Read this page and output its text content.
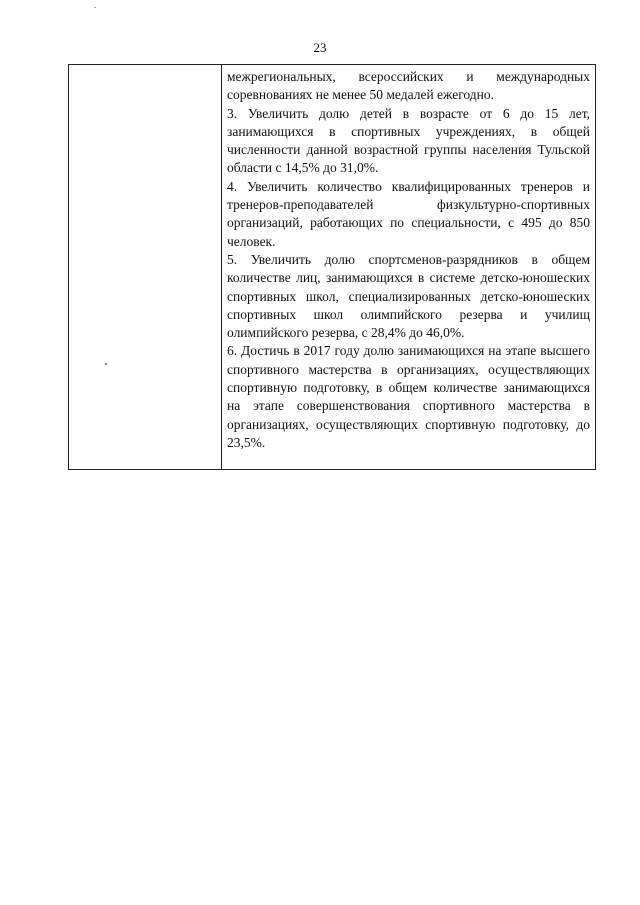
23

межрегиональных, всероссийских и международных соревнованиях не менее 50 медалей ежегодно.

3. Увеличить долю детей в возрасте от 6 до 15 лет, занимающихся в спортивных учреждениях, в общей численности данной возрастной группы населения Тульской области с 14,5% до 31,0%.

4. Увеличить количество квалифицированных тренеров и тренеров-преподавателей физкультурно-спортивных организаций, работающих по специальности, с 495 до 850 человек.

5. Увеличить долю спортсменов-разрядников в общем количестве лиц, занимающихся в системе детско-юношеских спортивных школ, специализированных детско-юношеских спортивных школ олимпийского резерва и училищ олимпийского резерва, с 28,4% до 46,0%.

6. Достичь в 2017 году долю занимающихся на этапе высшего спортивного мастерства в организациях, осуществляющих спортивную подготовку, в общем количестве занимающихся на этапе совершенствования спортивного мастерства в организациях, осуществляющих спортивную подготовку, до 23,5%.
